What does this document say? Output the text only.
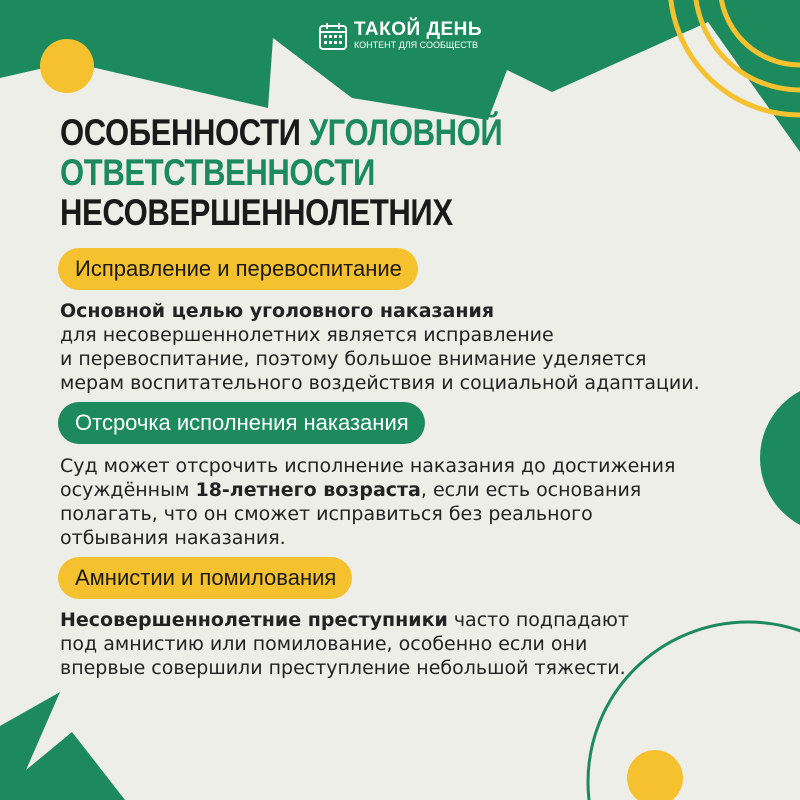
ТАКОЙ ДЕНЬ
КОНТЕНТ ДЛЯ СООБЩЕСТВ
ОСОБЕННОСТИ УГОЛОВНОЙ
ОТВЕТСТВЕННОСТИ
НЕСОВЕРШЕННОЛЕТНИХ
Исправление и перевоспитание
Основной целью уголовного наказания
для несовершеннолетних является исправление
и перевоспитание, поэтому большое внимание уделяется
мерам воспитательного воздействия и социальной адаптации.
Отсрочка исполнения наказания
Суд может отсрочить исполнение наказания до достижения
осуждённым 18-летнего возраста, если есть основания
полагать, что он сможет исправиться без реального
отбывания наказания.
Амнистии и помилования
Несовершеннолетние преступники часто подпадают
под амнистию или помилование, особенно если они
впервые совершили преступление небольшой тяжести.
